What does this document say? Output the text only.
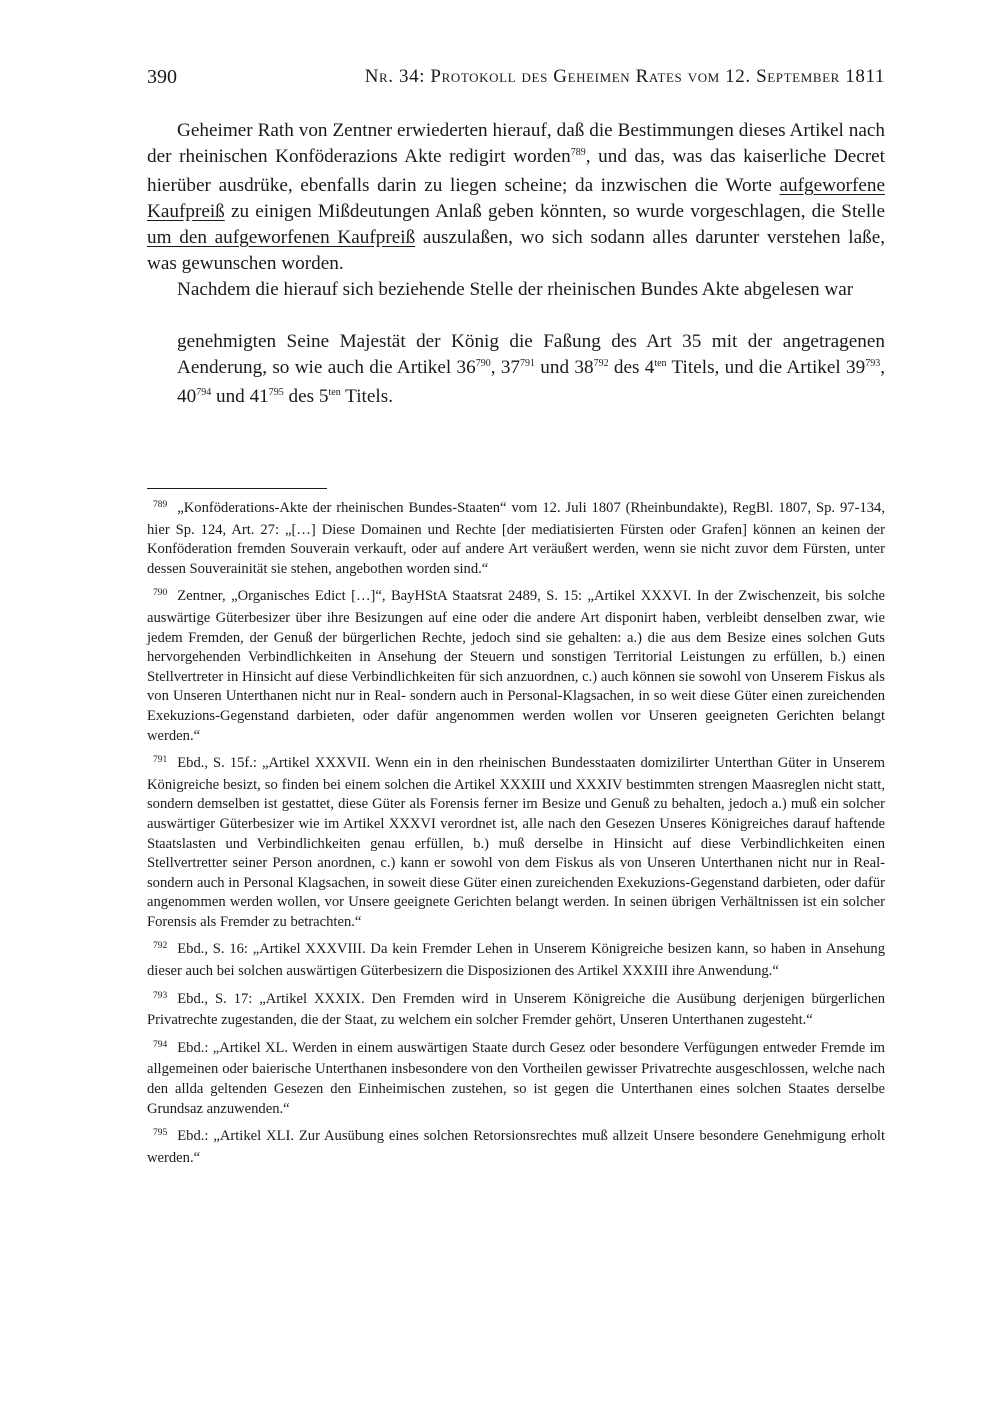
390	Nr. 34: Protokoll des Geheimen Rates vom 12. September 1811

Geheimer Rath von Zentner erwiederten hierauf, daß die Bestimmungen dieses Artikel nach der rheinischen Konföderazions Akte redigirt worden$^{789}$, und das, was das kaiserliche Decret hierüber ausdrüke, ebenfalls darin zu liegen scheine; da inzwischen die Worte aufgeworfene Kaufpreiß zu einigen Mißdeutungen Anlaß geben könnten, so wurde vorgeschlagen, die Stelle um den aufgeworfenen Kaufpreiß auszulaßen, wo sich sodann alles darunter verstehen laße, was gewunschen worden.

Nachdem die hierauf sich beziehende Stelle der rheinischen Bundes Akte abgelesen war

genehmigten Seine Majestät der König die Faßung des Art 35 mit der angetragenen Aenderung, so wie auch die Artikel $36^{790}$, $37^{791}$ und $38^{792}$ des $4^{ten}$ Titels, und die Artikel $39^{793}$, $40^{794}$ und $41^{795}$ des $5^{ten}$ Titels.

$^{789}$ „Konföderations-Akte der rheinischen Bundes-Staaten“ vom 12. Juli 1807 (Rheinbundakte), RegBl. 1807, Sp. 97-134, hier Sp. 124, Art. 27: „[…] Diese Domainen und Rechte [der mediatisierten Fürsten oder Grafen] können an keinen der Konföderation fremden Souverain verkauft, oder auf andere Art veräußert werden, wenn sie nicht zuvor dem Fürsten, unter dessen Souverainität sie stehen, angebothen worden sind.“

$^{790}$ Zentner, „Organisches Edict […]“, BayHStA Staatsrat 2489, S. 15: „Artikel XXXVI. In der Zwischenzeit, bis solche auswärtige Güterbesizer über ihre Besizungen auf eine oder die andere Art disponirt haben, verbleibt denselben zwar, wie jedem Fremden, der Genuß der bürgerlichen Rechte, jedoch sind sie gehalten: a.) die aus dem Besize eines solchen Guts hervorgehenden Verbindlichkeiten in Ansehung der Steuern und sonstigen Territorial Leistungen zu erfüllen, b.) einen Stellvertreter in Hinsicht auf diese Verbindlichkeiten für sich anzuordnen, c.) auch können sie sowohl von Unserem Fiskus als von Unseren Unterthanen nicht nur in Real- sondern auch in Personal-Klagsachen, in so weit diese Güter einen zureichenden Exekuzions-Gegenstand darbieten, oder dafür angenommen werden wollen vor Unseren geeigneten Gerichten belangt werden.“

$^{791}$ Ebd., S. 15f.: „Artikel XXXVII. Wenn ein in den rheinischen Bundesstaaten domizilirter Unterthan Güter in Unserem Königreiche besizt, so finden bei einem solchen die Artikel XXXIII und XXXIV bestimmten strengen Maasreglen nicht statt, sondern demselben ist gestattet, diese Güter als Forensis ferner im Besize und Genuß zu behalten, jedoch a.) muß ein solcher auswärtiger Güterbesizer wie im Artikel XXXVI verordnet ist, alle nach den Gesezen Unseres Königreiches darauf haftende Staatslasten und Verbindlichkeiten genau erfüllen, b.) muß derselbe in Hinsicht auf diese Verbindlichkeiten einen Stellvertretter seiner Person anordnen, c.) kann er sowohl von dem Fiskus als von Unseren Unterthanen nicht nur in Real- sondern auch in Personal Klagsachen, in soweit diese Güter einen zureichenden Exekuzions-Gegenstand darbieten, oder dafür angenommen werden wollen, vor Unsere geeignete Gerichten belangt werden. In seinen übrigen Verhältnissen ist ein solcher Forensis als Fremder zu betrachten.“

$^{792}$ Ebd., S. 16: „Artikel XXXVIII. Da kein Fremder Lehen in Unserem Königreiche besizen kann, so haben in Ansehung dieser auch bei solchen auswärtigen Güterbesizern die Disposizionen des Artikel XXXIII ihre Anwendung.“

$^{793}$ Ebd., S. 17: „Artikel XXXIX. Den Fremden wird in Unserem Königreiche die Ausübung derjenigen bürgerlichen Privatrechte zugestanden, die der Staat, zu welchem ein solcher Fremder gehört, Unseren Unterthanen zugesteht.“

$^{794}$ Ebd.: „Artikel XL. Werden in einem auswärtigen Staate durch Gesez oder besondere Verfügungen entweder Fremde im allgemeinen oder baierische Unterthanen insbesondere von den Vortheilen gewisser Privatrechte ausgeschlossen, welche nach den allda geltenden Gesezen den Einheimischen zustehen, so ist gegen die Unterthanen eines solchen Staates derselbe Grundsaz anzuwenden.“

$^{795}$ Ebd.: „Artikel XLI. Zur Ausübung eines solchen Retorsionsrechtes muß allzeit Unsere besondere Genehmigung erholt werden.“
